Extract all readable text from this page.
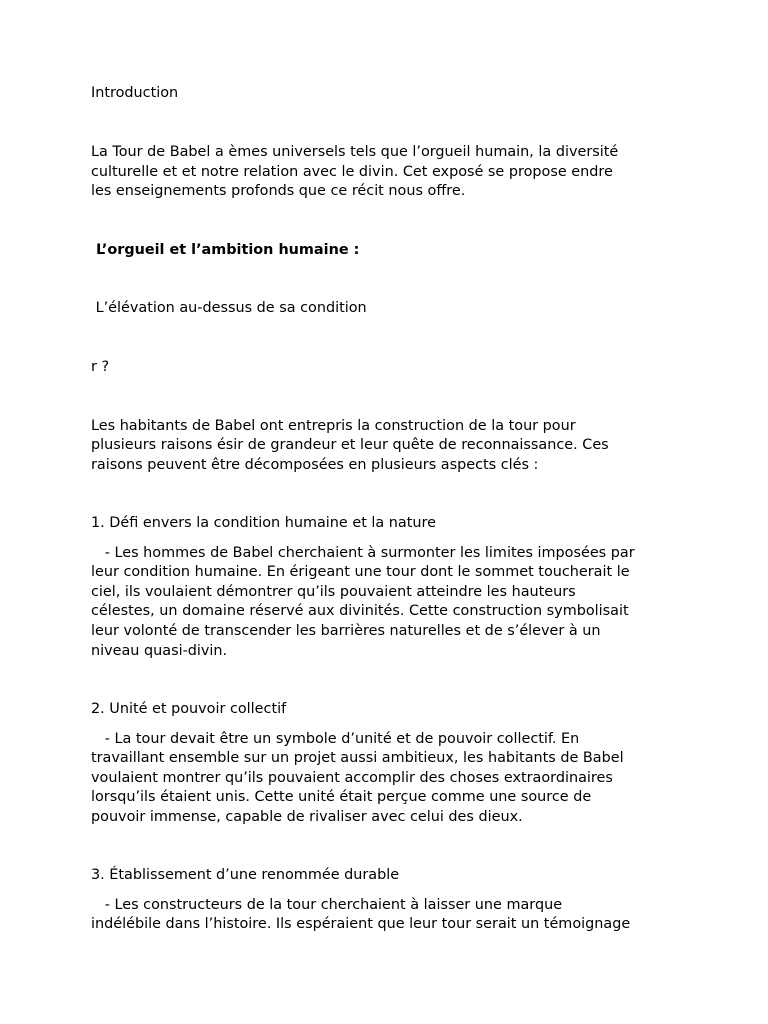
Introduction

La Tour de Babel a èmes universels tels que l’orgueil humain, la diversité

culturelle et et notre relation avec le divin. Cet exposé se propose endre

les enseignements profonds que ce récit nous offre.

L’orgueil et l’ambition humaine :

L’élévation au-dessus de sa condition

r ?

Les habitants de Babel ont entrepris la construction de la tour pour

plusieurs raisons ésir de grandeur et leur quête de reconnaissance. Ces

raisons peuvent être décomposées en plusieurs aspects clés :

1. Défi envers la condition humaine et la nature

- Les hommes de Babel cherchaient à surmonter les limites imposées par

leur condition humaine. En érigeant une tour dont le sommet toucherait le

ciel, ils voulaient démontrer qu’ils pouvaient atteindre les hauteurs

célestes, un domaine réservé aux divinités. Cette construction symbolisait

leur volonté de transcender les barrières naturelles et de s’élever à un

niveau quasi-divin.

2. Unité et pouvoir collectif

- La tour devait être un symbole d’unité et de pouvoir collectif. En

travaillant ensemble sur un projet aussi ambitieux, les habitants de Babel

voulaient montrer qu’ils pouvaient accomplir des choses extraordinaires

lorsqu’ils étaient unis. Cette unité était perçue comme une source de

pouvoir immense, capable de rivaliser avec celui des dieux.

3. Établissement d’une renommée durable

- Les constructeurs de la tour cherchaient à laisser une marque

indélébile dans l’histoire. Ils espéraient que leur tour serait un témoignage
